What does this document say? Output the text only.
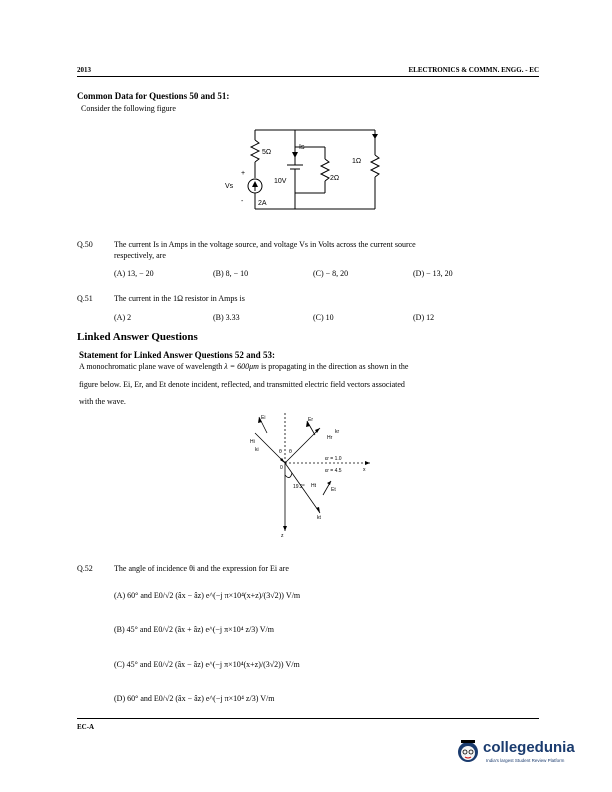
2013	ELECTRONICS & COMMN. ENGG. - EC
Common Data for Questions 50 and 51:
Consider the following figure
5Ω
+
Vs
- 2A
Is
10V	2Ω
1Ω
Q.50	The current Is in Amps in the voltage source, and voltage Vs in Volts across the current source
respectively, are
(A) 13, − 20	(B) 8, − 10	(C) − 8, 20	(D) − 13, 20
Q.51	The current in the 1Ω resistor in Amps is
(A) 2	(B) 3.33	(C) 10	(D) 12
Linked Answer Questions
Statement for Linked Answer Questions 52 and 53:
A monochromatic plane wave of wavelength λ = 600μm is propagating in the direction as shown in the
figure below. Ei, Er, and Et denote incident, reflected, and transmitted electric field vectors associated
with the wave.
Ei	Er
Et
Hi
Hr
Ht
ki
kr
kt
θ θ
0
εr = 1.0
εr = 4.5	x
z
19.2°
Q.52	The angle of incidence θi and the expression for Ei are
(A) 60° and E0/√2 (âx − âz) e^(−j π×10⁴(x+z)/(3√2)) V/m
(B) 45° and E0/√2 (âx + âz) e^(−j π×10⁴ z/3) V/m
(C) 45° and E0/√2 (âx − âz) e^(−j π×10⁴(x+z)/(3√2)) V/m
(D) 60° and E0/√2 (âx − âz) e^(−j π×10⁴ z/3) V/m
EC-A
collegedunia
India's largest Student Review Platform
